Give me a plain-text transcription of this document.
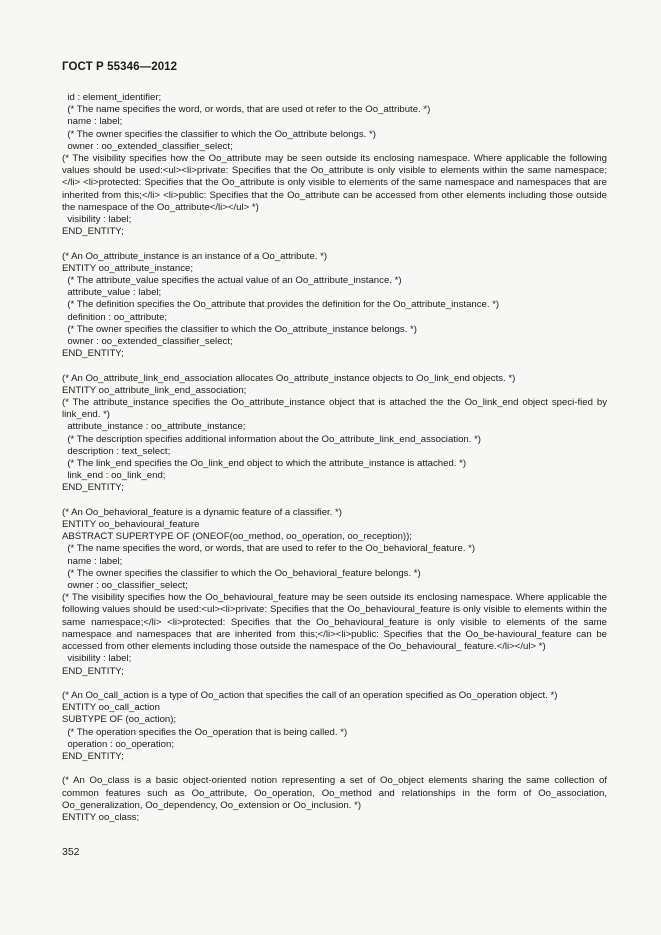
ГОСТ Р 55346—2012
id : element_identifier;
(* The name specifies the word, or words, that are used ot refer to the Oo_attribute. *)
name : label;
(* The owner specifies the classifier to which the Oo_attribute belongs. *)
owner : oo_extended_classifier_select;
(* The visibility specifies how the Oo_attribute may be seen outside its enclosing namespace. Where applicable the following values should be used:<ul><li>private: Specifies that the Oo_attribute is only visible to elements within the same namespace;</li> <li>protected: Specifies that the Oo_attribute is only visible to elements of the same namespace and namespaces that are inherited from this;</li> <li>public: Specifies that the Oo_attribute can be accessed from other elements including those outside the namespace of the Oo_attribute</li></ul> *)
visibility : label;
END_ENTITY;
(* An Oo_attribute_instance is an instance of a Oo_attribute. *)
ENTITY oo_attribute_instance;
(* The attribute_value specifies the actual value of an Oo_attribute_instance. *)
attribute_value : label;
(* The definition specifies the Oo_attribute that provides the definition for the Oo_attribute_instance. *)
definition : oo_attribute;
(* The owner specifies the classifier to which the Oo_attribute_instance belongs. *)
owner : oo_extended_classifier_select;
END_ENTITY;
(* An Oo_attribute_link_end_association allocates Oo_attribute_instance objects to Oo_link_end objects. *)
ENTITY oo_attribute_link_end_association;
(* The attribute_instance specifies the Oo_attribute_instance object that is attached the the Oo_link_end object speci-fied by link_end. *)
attribute_instance : oo_attribute_instance;
(* The description specifies additional information about the Oo_attribute_link_end_association. *)
description : text_select;
(* The link_end specifies the Oo_link_end object to which the attribute_instance is attached. *)
link_end : oo_link_end;
END_ENTITY;
(* An Oo_behavioral_feature is a dynamic feature of a classifier. *)
ENTITY oo_behavioural_feature
ABSTRACT SUPERTYPE OF (ONEOF(oo_method, oo_operation, oo_reception));
(* The name specifies the word, or words, that are used to refer to the Oo_behavioral_feature. *)
name : label;
(* The owner specifies the classifier to which the Oo_behavioral_feature belongs. *)
owner : oo_classifier_select;
(* The visibility specifies how the Oo_behavioural_feature may be seen outside its enclosing namespace. Where applicable the following values should be used:<ul><li>private: Specifies that the Oo_behavioural_feature is only visible to elements within the same namespace;</li> <li>protected: Specifies that the Oo_behavioural_feature is only visible to elements of the same namespace and namespaces that are inherited from this;</li><li>public: Specifies that the Oo_be-havioural_feature can be accessed from other elements including those outside the namespace of the Oo_behavioural_ feature.</li></ul> *)
visibility : label;
END_ENTITY;
(* An Oo_call_action is a type of Oo_action that specifies the call of an operation specified as Oo_operation object. *)
ENTITY oo_call_action
SUBTYPE OF (oo_action);
(* The operation specifies the Oo_operation that is being called. *)
operation : oo_operation;
END_ENTITY;
(* An Oo_class is a basic object-oriented notion representing a set of Oo_object elements sharing the same collection of common features such as Oo_attribute, Oo_operation, Oo_method and relationships in the form of Oo_association, Oo_generalization, Oo_dependency, Oo_extension or Oo_inclusion. *)
ENTITY oo_class;
352
